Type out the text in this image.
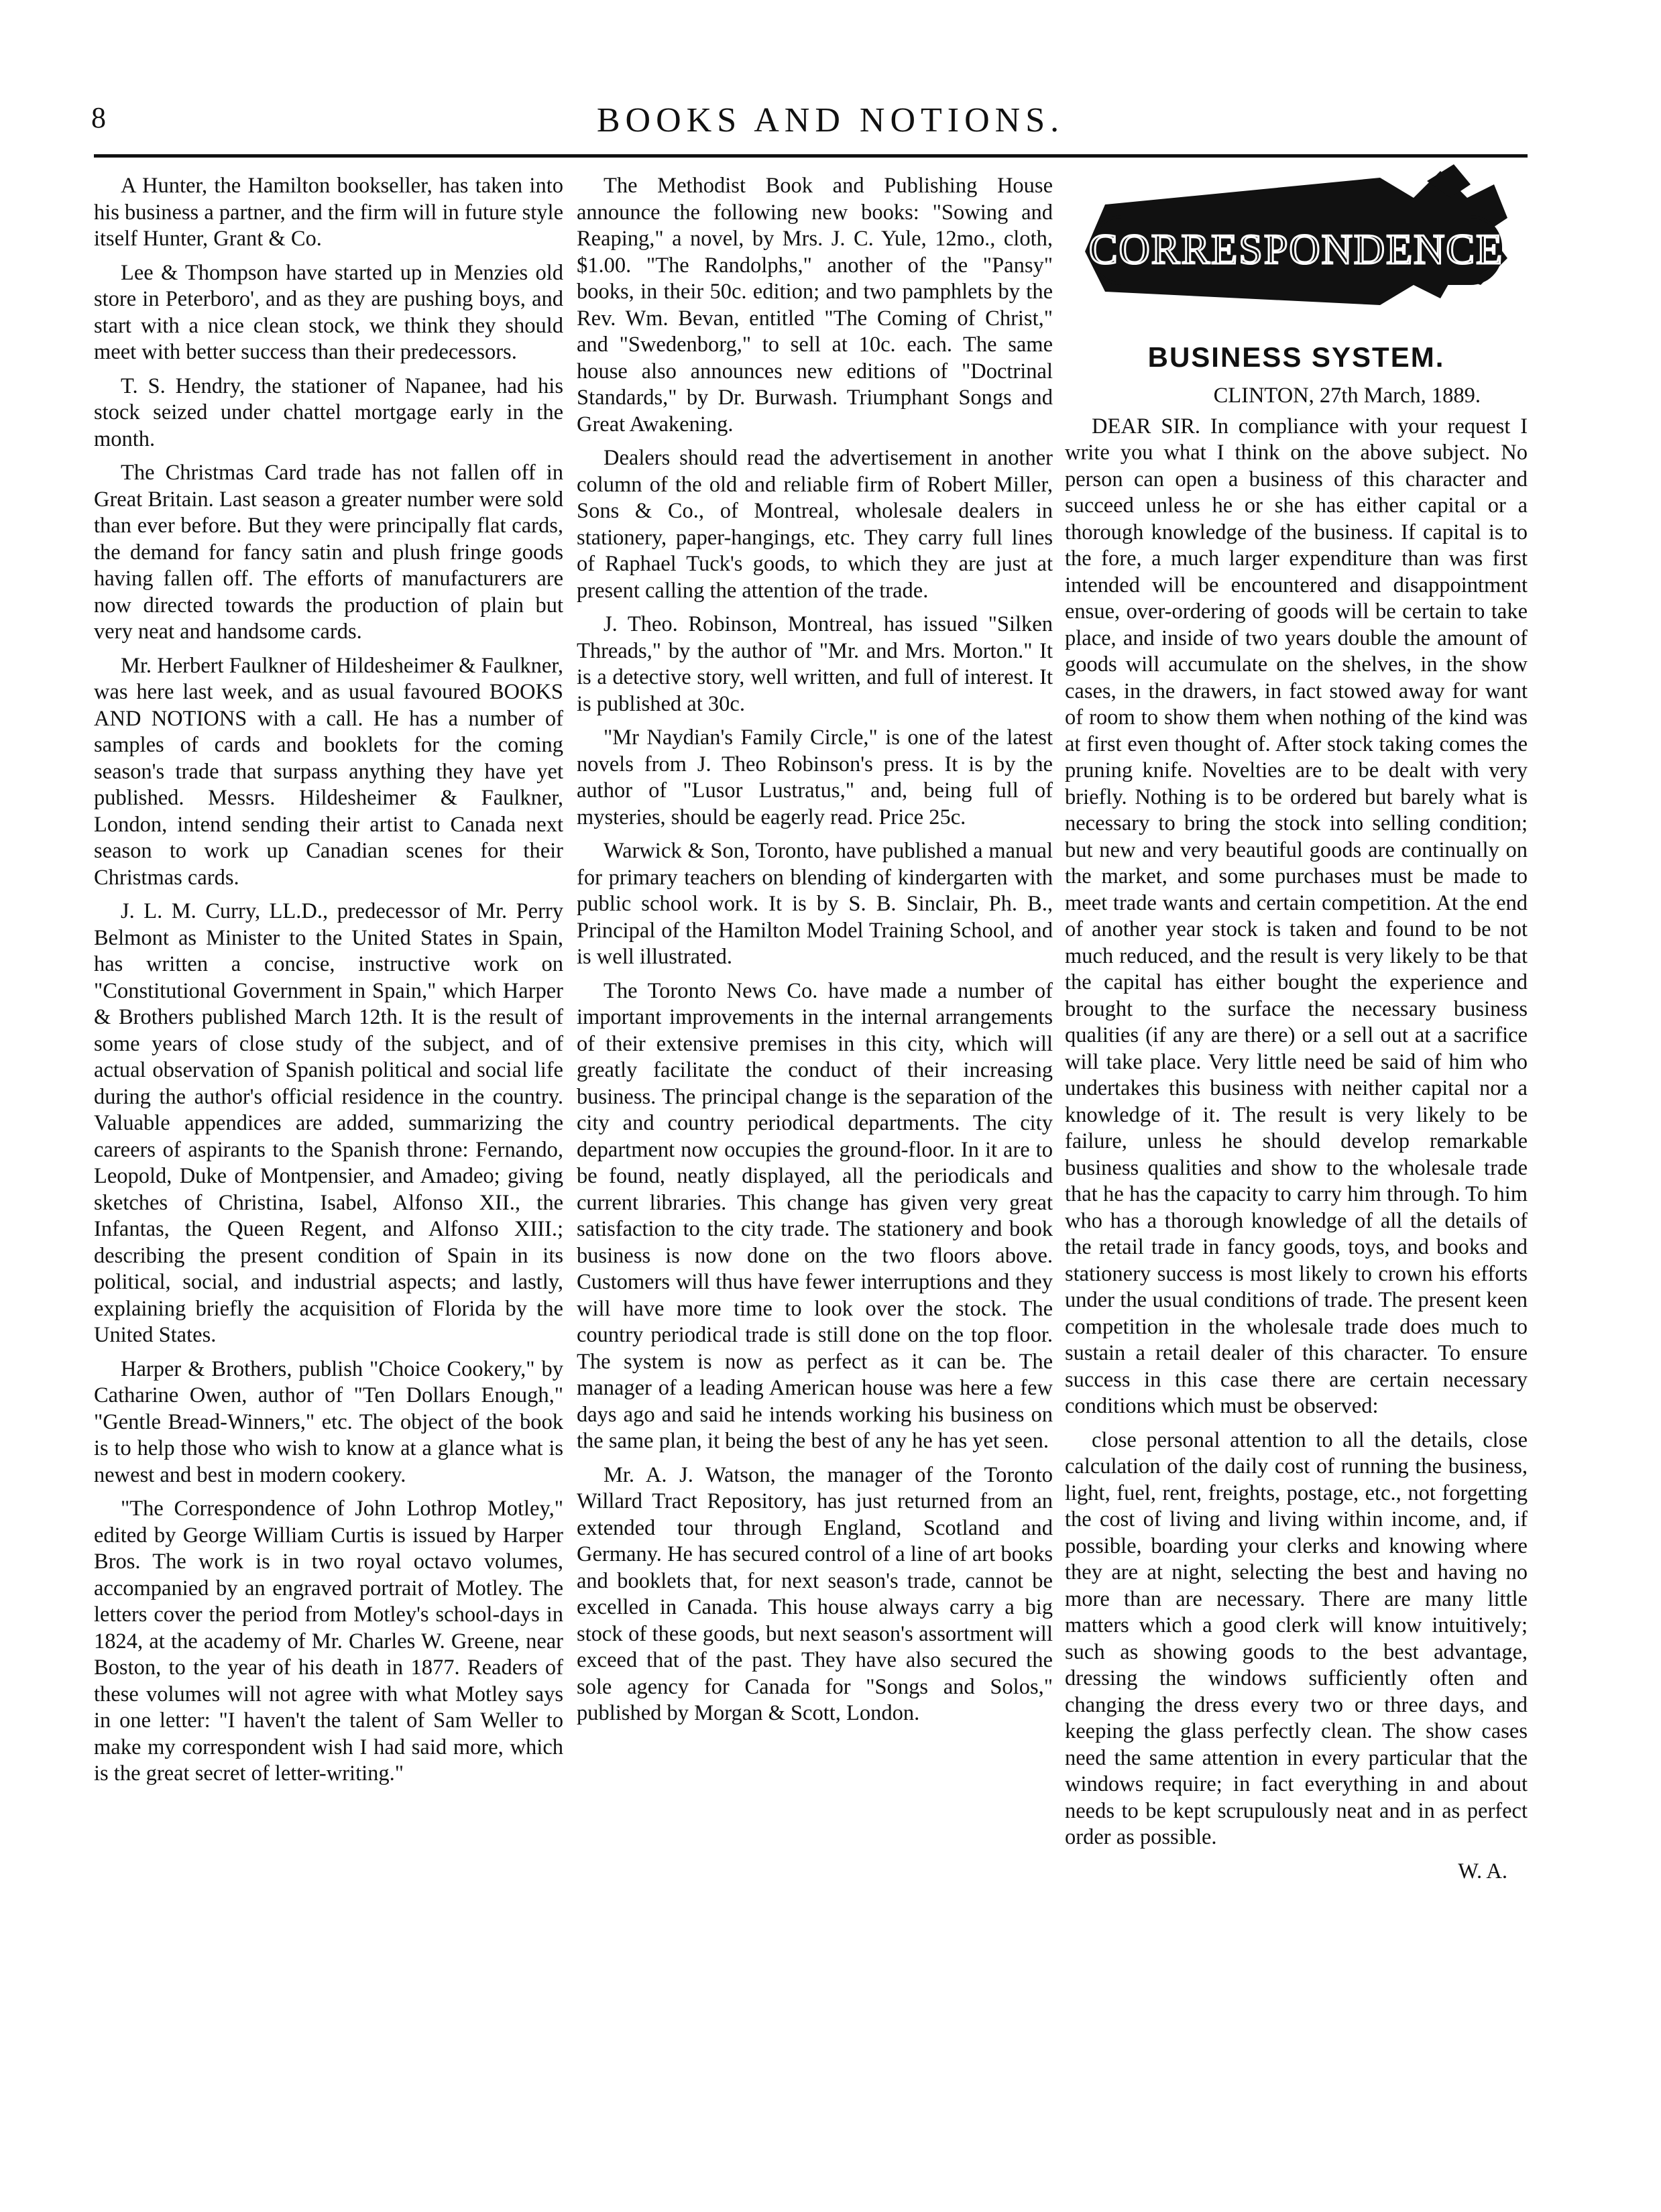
8	BOOKS AND NOTIONS.

A Hunter, the Hamilton bookseller, has taken into his business a partner, and the firm will in future style itself Hunter, Grant & Co.

Lee & Thompson have started up in Menzies old store in Peterboro', and as they are pushing boys, and start with a nice clean stock, we think they should meet with better success than their predecessors.

T. S. Hendry, the stationer of Napanee, had his stock seized under chattel mortgage early in the month.

The Christmas Card trade has not fallen off in Great Britain. Last season a greater number were sold than ever before. But they were principally flat cards, the demand for fancy satin and plush fringe goods having fallen off. The efforts of manufacturers are now directed towards the production of plain but very neat and handsome cards.

Mr. Herbert Faulkner of Hildesheimer & Faulkner, was here last week, and as usual favoured BOOKS AND NOTIONS with a call. He has a number of samples of cards and booklets for the coming season's trade that surpass anything they have yet published. Messrs. Hildesheimer & Faulkner, London, intend sending their artist to Canada next season to work up Canadian scenes for their Christmas cards.

J. L. M. Curry, LL.D., predecessor of Mr. Perry Belmont as Minister to the United States in Spain, has written a concise, instructive work on "Constitutional Government in Spain," which Harper & Brothers published March 12th. It is the result of some years of close study of the subject, and of actual observation of Spanish political and social life during the author's official residence in the country. Valuable appendices are added, summarizing the careers of aspirants to the Spanish throne: Fernando, Leopold, Duke of Montpensier, and Amadeo; giving sketches of Christina, Isabel, Alfonso XII., the Infantas, the Queen Regent, and Alfonso XIII.; describing the present condition of Spain in its political, social, and industrial aspects; and lastly, explaining briefly the acquisition of Florida by the United States.

Harper & Brothers, publish "Choice Cookery," by Catharine Owen, author of "Ten Dollars Enough," "Gentle Bread-Winners," etc. The object of the book is to help those who wish to know at a glance what is newest and best in modern cookery.

"The Correspondence of John Lothrop Motley," edited by George William Curtis is issued by Harper Bros. The work is in two royal octavo volumes, accompanied by an engraved portrait of Motley. The letters cover the period from Motley's school-days in 1824, at the academy of Mr. Charles W. Greene, near Boston, to the year of his death in 1877. Readers of these volumes will not agree with what Motley says in one letter: "I haven't the talent of Sam Weller to make my correspondent wish I had said more, which is the great secret of letter-writing."

The Methodist Book and Publishing House announce the following new books: "Sowing and Reaping," a novel, by Mrs. J. C. Yule, 12mo., cloth, $1.00. "The Randolphs," another of the "Pansy" books, in their 50c. edition; and two pamphlets by the Rev. Wm. Bevan, entitled "The Coming of Christ," and "Swedenborg," to sell at 10c. each. The same house also announces new editions of "Doctrinal Standards," by Dr. Burwash. Triumphant Songs and Great Awakening.

Dealers should read the advertisement in another column of the old and reliable firm of Robert Miller, Sons & Co., of Montreal, wholesale dealers in stationery, paper-hangings, etc. They carry full lines of Raphael Tuck's goods, to which they are just at present calling the attention of the trade.

J. Theo. Robinson, Montreal, has issued "Silken Threads," by the author of "Mr. and Mrs. Morton." It is a detective story, well written, and full of interest. It is published at 30c.

"Mr Naydian's Family Circle," is one of the latest novels from J. Theo Robinson's press. It is by the author of "Lusor Lustratus," and, being full of mysteries, should be eagerly read. Price 25c.

Warwick & Son, Toronto, have published a manual for primary teachers on blending of kindergarten with public school work. It is by S. B. Sinclair, Ph. B., Principal of the Hamilton Model Training School, and is well illustrated.

The Toronto News Co. have made a number of important improvements in the internal arrangements of their extensive premises in this city, which will greatly facilitate the conduct of their increasing business. The principal change is the separation of the city and country periodical departments. The city department now occupies the ground-floor. In it are to be found, neatly displayed, all the periodicals and current libraries. This change has given very great satisfaction to the city trade. The stationery and book business is now done on the two floors above. Customers will thus have fewer interruptions and they will have more time to look over the stock. The country periodical trade is still done on the top floor. The system is now as perfect as it can be. The manager of a leading American house was here a few days ago and said he intends working his business on the same plan, it being the best of any he has yet seen.

Mr. A. J. Watson, the manager of the Toronto Willard Tract Repository, has just returned from an extended tour through England, Scotland and Germany. He has secured control of a line of art books and booklets that, for next season's trade, cannot be excelled in Canada. This house always carry a big stock of these goods, but next season's assortment will exceed that of the past. They have also secured the sole agency for Canada for "Songs and Solos," published by Morgan & Scott, London.

CORRESPONDENCE
BUSINESS SYSTEM.
CLINTON, 27th March, 1889.

DEAR SIR. In compliance with your request I write you what I think on the above subject. No person can open a business of this character and succeed unless he or she has either capital or a thorough knowledge of the business. If capital is to the fore, a much larger expenditure than was first intended will be encountered and disappointment ensue, over-ordering of goods will be certain to take place, and inside of two years double the amount of goods will accumulate on the shelves, in the show cases, in the drawers, in fact stowed away for want of room to show them when nothing of the kind was at first even thought of. After stock taking comes the pruning knife. Novelties are to be dealt with very briefly. Nothing is to be ordered but barely what is necessary to bring the stock into selling condition; but new and very beautiful goods are continually on the market, and some purchases must be made to meet trade wants and certain competition. At the end of another year stock is taken and found to be not much reduced, and the result is very likely to be that the capital has either bought the experience and brought to the surface the necessary business qualities (if any are there) or a sell out at a sacrifice will take place. Very little need be said of him who undertakes this business with neither capital nor a knowledge of it. The result is very likely to be failure, unless he should develop remarkable business qualities and show to the wholesale trade that he has the capacity to carry him through. To him who has a thorough knowledge of all the details of the retail trade in fancy goods, toys, and books and stationery success is most likely to crown his efforts under the usual conditions of trade. The present keen competition in the wholesale trade does much to sustain a retail dealer of this character. To ensure success in this case there are certain necessary conditions which must be observed:

close personal attention to all the details, close calculation of the daily cost of running the business, light, fuel, rent, freights, postage, etc., not forgetting the cost of living and living within income, and, if possible, boarding your clerks and knowing where they are at night, selecting the best and having no more than are necessary. There are many little matters which a good clerk will know intuitively; such as showing goods to the best advantage, dressing the windows sufficiently often and changing the dress every two or three days, and keeping the glass perfectly clean. The show cases need the same attention in every particular that the windows require; in fact everything in and about needs to be kept scrupulously neat and in as perfect order as possible.

W. A.
